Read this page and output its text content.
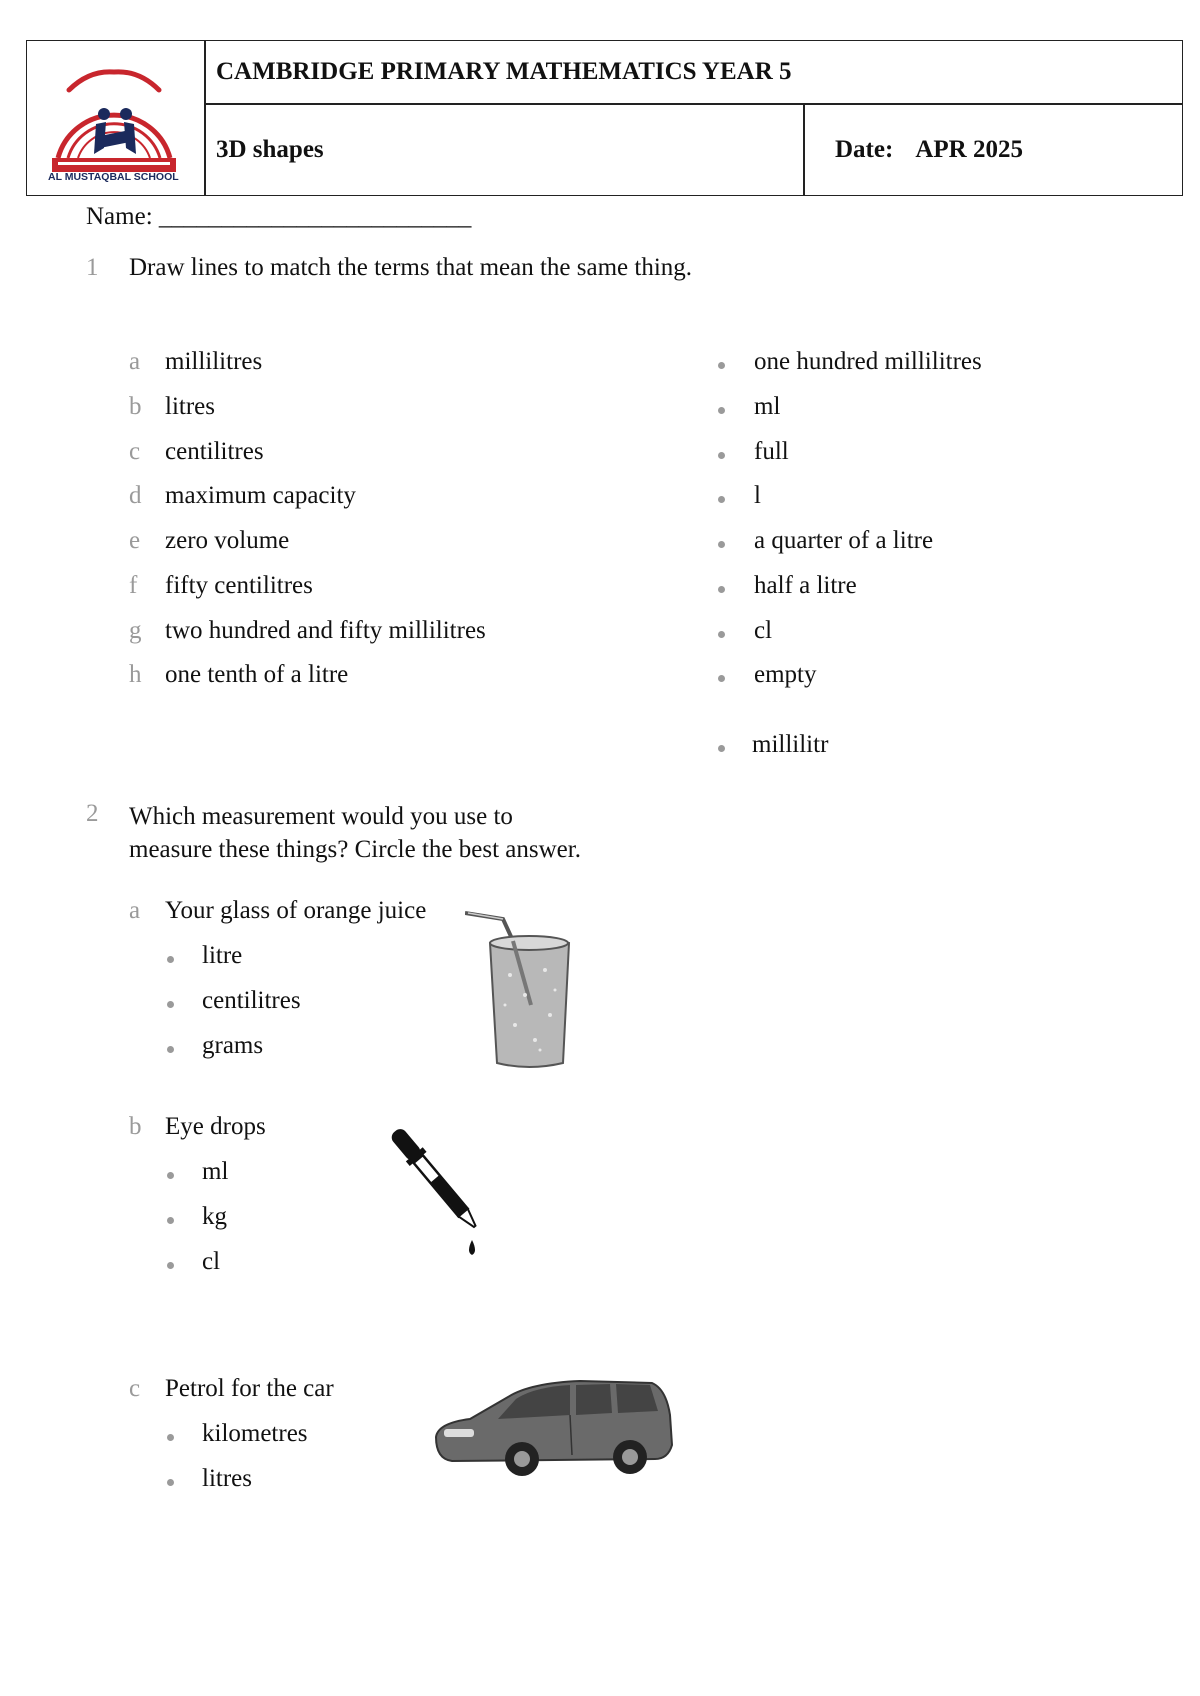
AL MUSTAQBAL SCHOOL
CAMBRIDGE PRIMARY MATHEMATICS YEAR 5
3D shapes	Date: APR 2025
Name: _________________________
1 Draw lines to match the terms that mean the same thing.
a millilitres
b litres
c centilitres
d maximum capacity
e zero volume
f fifty centilitres
g two hundred and fifty millilitres
h one tenth of a litre
one hundred millilitres
ml
full
l
a quarter of a litre
half a litre
cl
empty
millilitr
2 Which measurement would you use to measure these things? Circle the best answer.
a Your glass of orange juice
litre
centilitres
grams
b Eye drops
ml
kg
cl
c Petrol for the car
kilometres
litres
